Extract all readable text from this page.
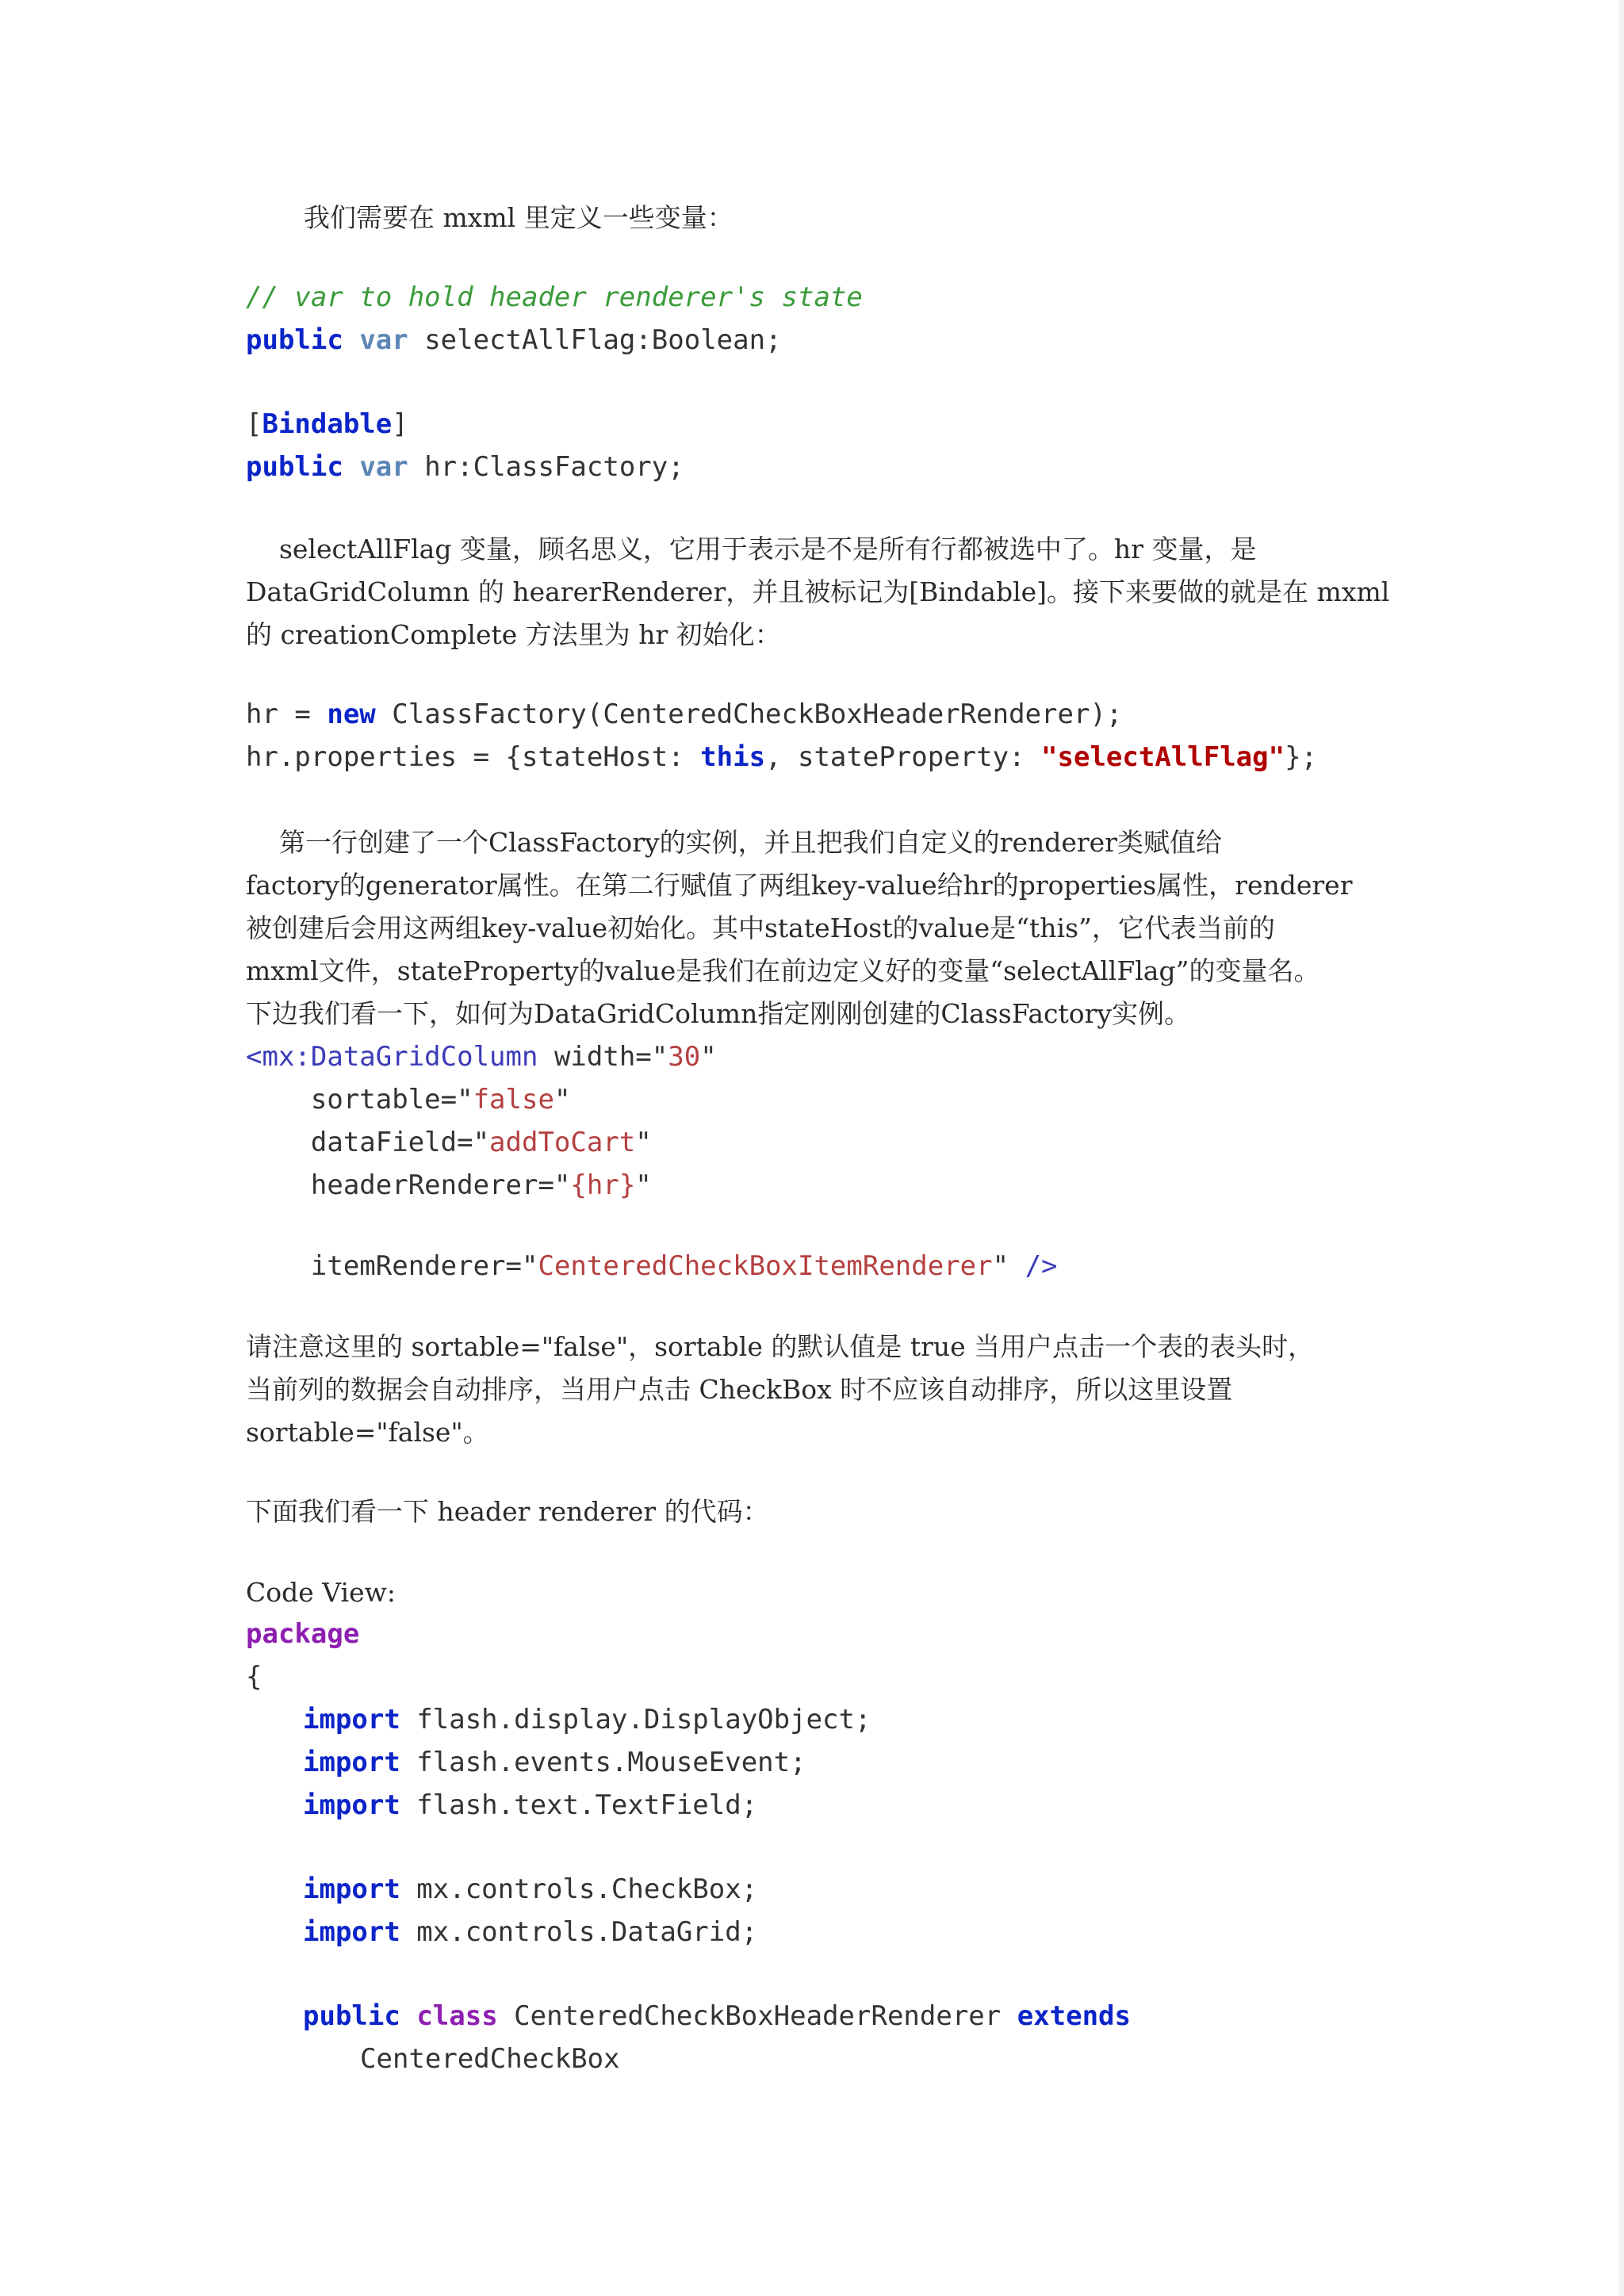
我们需要在 mxml 里定义一些变量：

// var to hold header renderer's state

public var selectAllFlag:Boolean;

[Bindable]

public var hr:ClassFactory;

selectAllFlag 变量，顾名思义，它用于表示是不是所有行都被选中了。hr 变量，是

DataGridColumn 的 hearerRenderer，并且被标记为[Bindable]。接下来要做的就是在 mxml

的 creationComplete 方法里为 hr 初始化：

hr = new ClassFactory(CenteredCheckBoxHeaderRenderer);

hr.properties = {stateHost: this, stateProperty: "selectAllFlag"};

第一行创建了一个ClassFactory的实例，并且把我们自定义的renderer类赋值给

factory的generator属性。在第二行赋值了两组key-value给hr的properties属性，renderer

被创建后会用这两组key-value初始化。其中stateHost的value是“this”，它代表当前的

mxml文件，stateProperty的value是我们在前边定义好的变量“selectAllFlag”的变量名。

下边我们看一下，如何为DataGridColumn指定刚刚创建的ClassFactory实例。

<mx:DataGridColumn width="30"

sortable="false"

dataField="addToCart"

headerRenderer="{hr}"

itemRenderer="CenteredCheckBoxItemRenderer" />

请注意这里的 sortable="false"，sortable 的默认值是 true 当用户点击一个表的表头时，

当前列的数据会自动排序，当用户点击 CheckBox 时不应该自动排序，所以这里设置

sortable="false"。

下面我们看一下 header renderer 的代码：

Code View:

package

{

import flash.display.DisplayObject;

import flash.events.MouseEvent;

import flash.text.TextField;

import mx.controls.CheckBox;

import mx.controls.DataGrid;

public class CenteredCheckBoxHeaderRenderer extends

CenteredCheckBox
